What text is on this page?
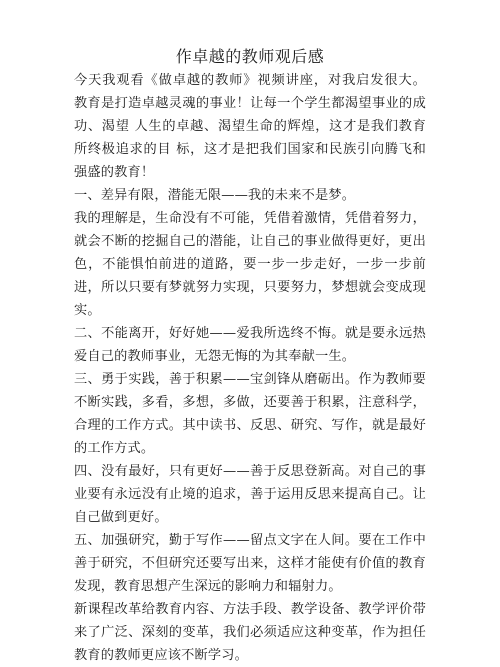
作卓越的教师观后感

今天我观看《做卓越的教师》视频讲座，对我启发很大。 教育是打造卓越灵魂的事业！让每一个学生都渴望事业的成功、渴望 人生的卓越、渴望生命的辉煌，这才是我们教育所终极追求的目 标，这才是把我们国家和民族引向腾飞和强盛的教育！

一、差异有限，潜能无限——我的未来不是梦。

我的理解是，生命没有不可能，凭借着激情，凭借着努力，就会不断的挖掘自己的潜能，让自己的事业做得更好，更出色，不能惧怕前进的道路，要一步一步走好，一步一步前进，所以只要有梦就努力实现，只要努力，梦想就会变成现实。

二、不能离开，好好她——爱我所选终不悔。就是要永远热爱自己的教师事业，无怨无悔的为其奉献一生。

三、勇于实践，善于积累——宝剑锋从磨砺出。作为教师要不断实践，多看，多想，多做，还要善于积累，注意科学，合理的工作方式。其中读书、反思、研究、写作，就是最好的工作方式。

四、没有最好，只有更好——善于反思登新高。对自己的事业要有永远没有止境的追求，善于运用反思来提高自己。让自己做到更好。

五、加强研究，勤于写作——留点文字在人间。要在工作中善于研究，不但研究还要写出来，这样才能使有价值的教育发现，教育思想产生深远的影响力和辐射力。

新课程改革给教育内容、方法手段、教学设备、教学评价带来了广泛、深刻的变革，我们必须适应这种变革，作为担任教育的教师更应该不断学习。
